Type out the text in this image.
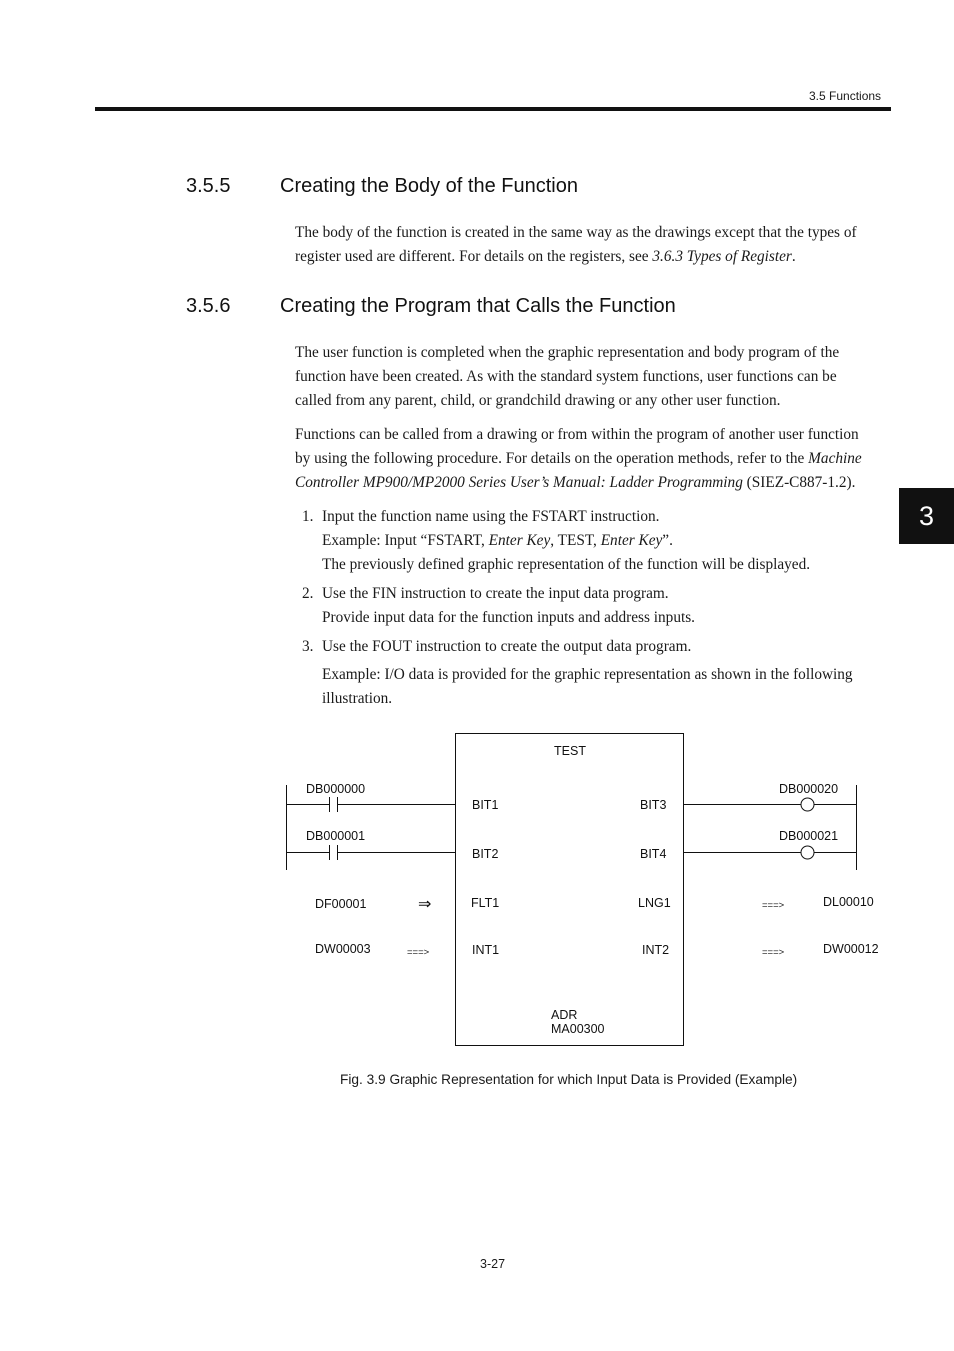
3.5 Functions
3
3.5.5 Creating the Body of the Function
The body of the function is created in the same way as the drawings except that the types of
register used are different. For details on the registers, see 3.6.3 Types of Register.
3.5.6 Creating the Program that Calls the Function
The user function is completed when the graphic representation and body program of the
function have been created. As with the standard system functions, user functions can be
called from any parent, child, or grandchild drawing or any other user function.
Functions can be called from a drawing or from within the program of another user function
by using the following procedure. For details on the operation methods, refer to the Machine
Controller MP900/MP2000 Series User’s Manual: Ladder Programming (SIEZ-C887-1.2).
1. Input the function name using the FSTART instruction.
Example: Input “FSTART, Enter Key, TEST, Enter Key”.
The previously defined graphic representation of the function will be displayed.
2. Use the FIN instruction to create the input data program.
Provide input data for the function inputs and address inputs.
3. Use the FOUT instruction to create the output data program.
Example: I/O data is provided for the graphic representation as shown in the following
illustration.
TEST
DB000000
BIT1
DB000001
BIT2
DF00001	⇒	FLT1
DW00003	===>	INT1
DB000020
BIT3
DB000021
BIT4
LNG1	===>	DL00010
INT2	===>	DW00012
ADR
MA00300
Fig. 3.9 Graphic Representation for which Input Data is Provided (Example)
3-27
